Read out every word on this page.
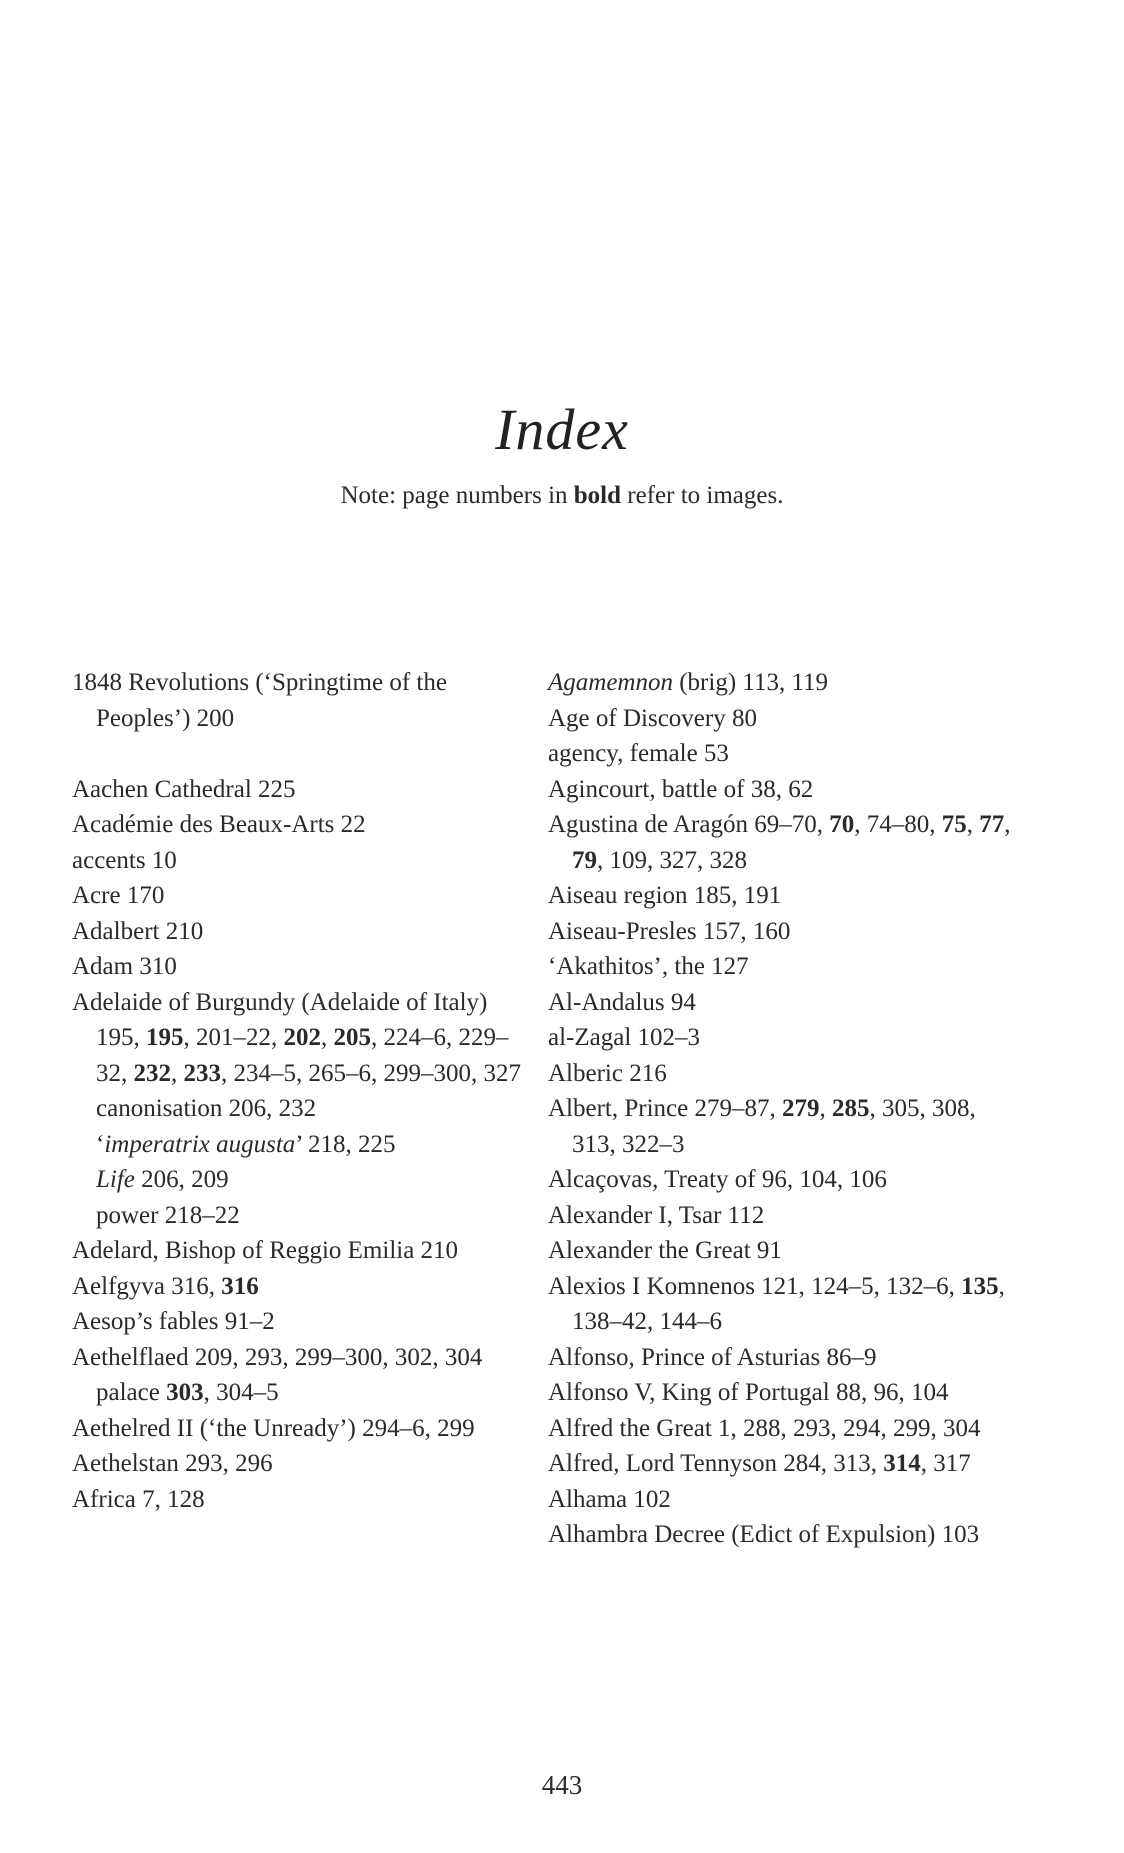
Index
Note: page numbers in bold refer to images.
1848 Revolutions (‘Springtime of the Peoples’) 200
Aachen Cathedral 225
Académie des Beaux-Arts 22
accents 10
Acre 170
Adalbert 210
Adam 310
Adelaide of Burgundy (Adelaide of Italy) 195, 195, 201–22, 202, 205, 224–6, 229–32, 232, 233, 234–5, 265–6, 299–300, 327
canonisation 206, 232
‘imperatrix augusta’ 218, 225
Life 206, 209
power 218–22
Adelard, Bishop of Reggio Emilia 210
Aelfgyva 316, 316
Aesop’s fables 91–2
Aethelflaed 209, 293, 299–300, 302, 304
palace 303, 304–5
Aethelred II (‘the Unready’) 294–6, 299
Aethelstan 293, 296
Africa 7, 128
Agamemnon (brig) 113, 119
Age of Discovery 80
agency, female 53
Agincourt, battle of 38, 62
Agustina de Aragón 69–70, 70, 74–80, 75, 77, 79, 109, 327, 328
Aiseau region 185, 191
Aiseau-Presles 157, 160
‘Akathitos’, the 127
Al-Andalus 94
al-Zagal 102–3
Alberic 216
Albert, Prince 279–87, 279, 285, 305, 308, 313, 322–3
Alcaçovas, Treaty of 96, 104, 106
Alexander I, Tsar 112
Alexander the Great 91
Alexios I Komnenos 121, 124–5, 132–6, 135, 138–42, 144–6
Alfonso, Prince of Asturias 86–9
Alfonso V, King of Portugal 88, 96, 104
Alfred the Great 1, 288, 293, 294, 299, 304
Alfred, Lord Tennyson 284, 313, 314, 317
Alhama 102
Alhambra Decree (Edict of Expulsion) 103
443
